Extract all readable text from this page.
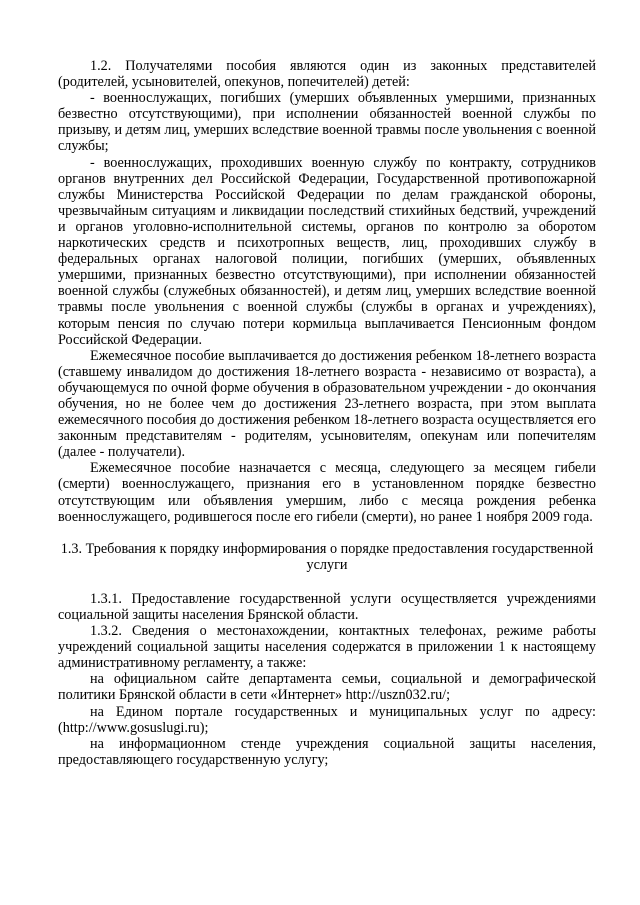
1.2. Получателями пособия являются один из законных представителей (родителей, усыновителей, опекунов, попечителей) детей:

- военнослужащих, погибших (умерших объявленных умершими, признанных безвестно отсутствующими), при исполнении обязанностей военной службы по призыву, и детям лиц, умерших вследствие военной травмы после увольнения с военной службы;

- военнослужащих, проходивших военную службу по контракту, сотрудников органов внутренних дел Российской Федерации, Государственной противопожарной службы Министерства Российской Федерации по делам гражданской обороны, чрезвычайным ситуациям и ликвидации последствий стихийных бедствий, учреждений и органов уголовно-исполнительной системы, органов по контролю за оборотом наркотических средств и психотропных веществ, лиц, проходивших службу в федеральных органах налоговой полиции, погибших (умерших, объявленных умершими, признанных безвестно отсутствующими), при исполнении обязанностей военной службы (служебных обязанностей), и детям лиц, умерших вследствие военной травмы после увольнения с военной службы (службы в органах и учреждениях), которым пенсия по случаю потери кормильца выплачивается Пенсионным фондом Российской Федерации.

Ежемесячное пособие выплачивается до достижения ребенком 18-летнего возраста (ставшему инвалидом до достижения 18-летнего возраста - независимо от возраста), а обучающемуся по очной форме обучения в образовательном учреждении - до окончания обучения, но не более чем до достижения 23-летнего возраста, при этом выплата ежемесячного пособия до достижения ребенком 18-летнего возраста осуществляется его законным представителям - родителям, усыновителям, опекунам или попечителям (далее - получатели).

Ежемесячное пособие назначается с месяца, следующего за месяцем гибели (смерти) военнослужащего, признания его в установленном порядке безвестно отсутствующим или объявления умершим, либо с месяца рождения ребенка военнослужащего, родившегося после его гибели (смерти), но ранее 1 ноября 2009 года.

1.3. Требования к порядку информирования о порядке предоставления государственной услуги

1.3.1. Предоставление государственной услуги осуществляется учреждениями социальной защиты населения Брянской области.

1.3.2. Сведения о местонахождении, контактных телефонах, режиме работы учреждений социальной защиты населения содержатся в приложении 1 к настоящему административному регламенту, а также:

на официальном сайте департамента семьи, социальной и демографической политики Брянской области в сети «Интернет» http://uszn032.ru/;

на Едином портале государственных и муниципальных услуг по адресу: (http://www.gosuslugi.ru);

на информационном стенде учреждения социальной защиты населения, предоставляющего государственную услугу;
